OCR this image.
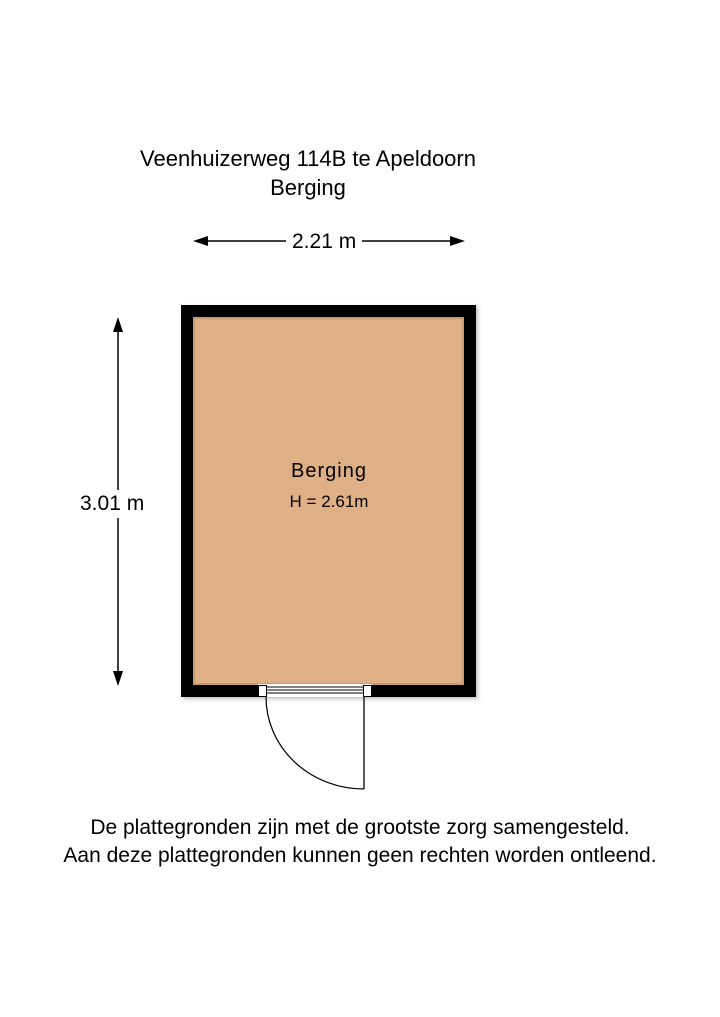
Veenhuizerweg 114B te Apeldoorn
Berging
2.21 m
3.01 m
Berging
H = 2.61m
De plattegronden zijn met de grootste zorg samengesteld.
Aan deze plattegronden kunnen geen rechten worden ontleend.
